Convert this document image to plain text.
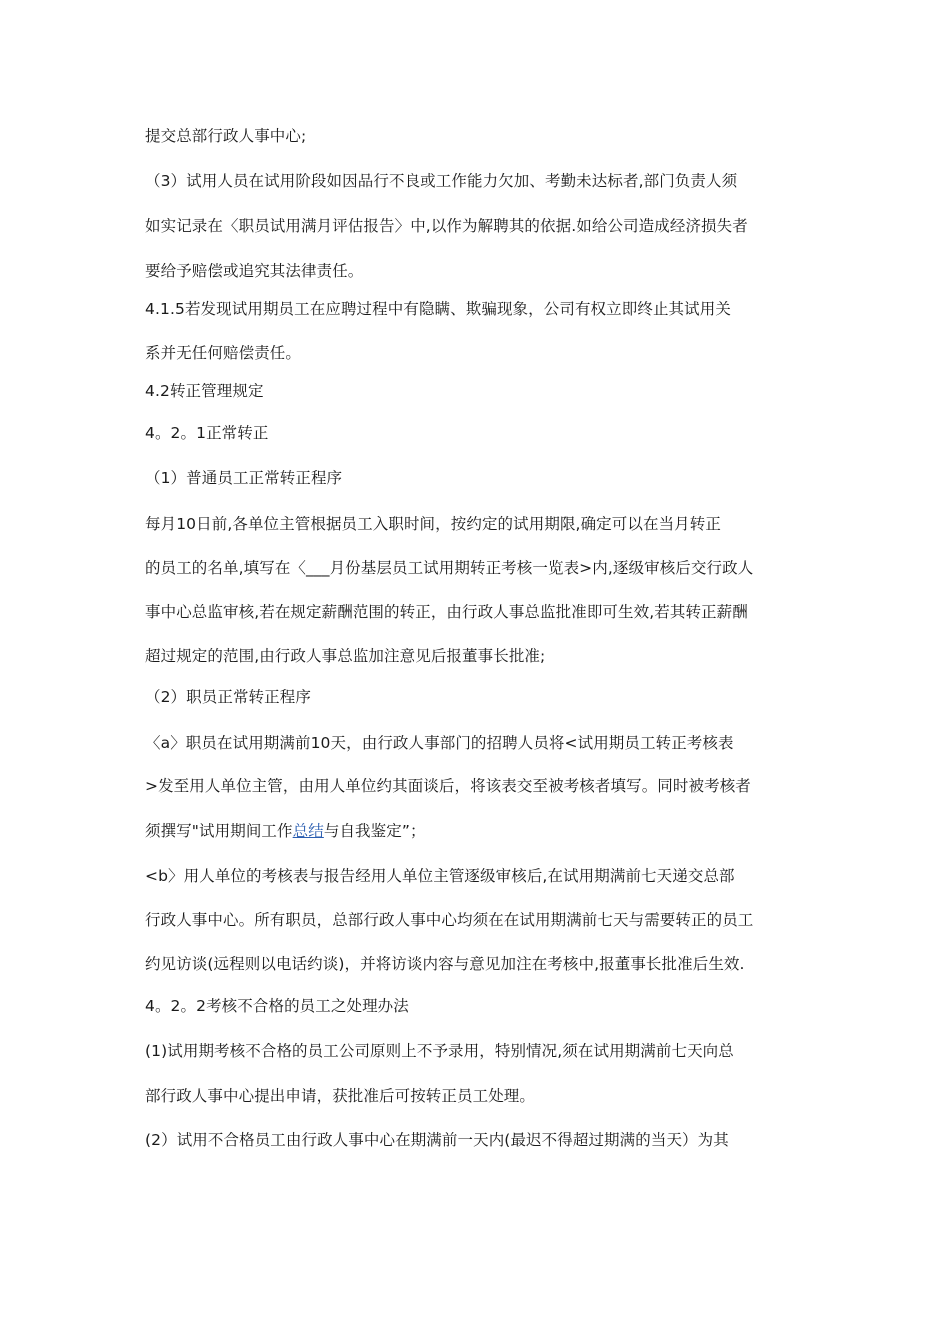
提交总部行政人事中心;
（3）试用人员在试用阶段如因品行不良或工作能力欠加、考勤未达标者,部门负责人须
如实记录在〈职员试用满月评估报告〉中,以作为解聘其的依据.如给公司造成经济损失者
要给予赔偿或追究其法律责任。
4.1.5若发现试用期员工在应聘过程中有隐瞒、欺骗现象，公司有权立即终止其试用关
系并无任何赔偿责任。
4.2转正管理规定
4。2。1正常转正
（1）普通员工正常转正程序
每月10日前,各单位主管根据员工入职时间，按约定的试用期限,确定可以在当月转正
的员工的名单,填写在〈___月份基层员工试用期转正考核一览表>内,逐级审核后交行政人
事中心总监审核,若在规定薪酬范围的转正，由行政人事总监批准即可生效,若其转正薪酬
超过规定的范围,由行政人事总监加注意见后报董事长批准;
（2）职员正常转正程序
〈a〉职员在试用期满前10天，由行政人事部门的招聘人员将<试用期员工转正考核表
>发至用人单位主管，由用人单位约其面谈后，将该表交至被考核者填写。同时被考核者
须撰写"试用期间工作总结与自我鉴定”；
<b〉用人单位的考核表与报告经用人单位主管逐级审核后,在试用期满前七天递交总部
行政人事中心。所有职员，总部行政人事中心均须在在试用期满前七天与需要转正的员工
约见访谈(远程则以电话约谈)，并将访谈内容与意见加注在考核中,报董事长批准后生效.
4。2。2考核不合格的员工之处理办法
(1)试用期考核不合格的员工公司原则上不予录用，特别情况,须在试用期满前七天向总
部行政人事中心提出申请，获批准后可按转正员工处理。
(2）试用不合格员工由行政人事中心在期满前一天内(最迟不得超过期满的当天）为其
